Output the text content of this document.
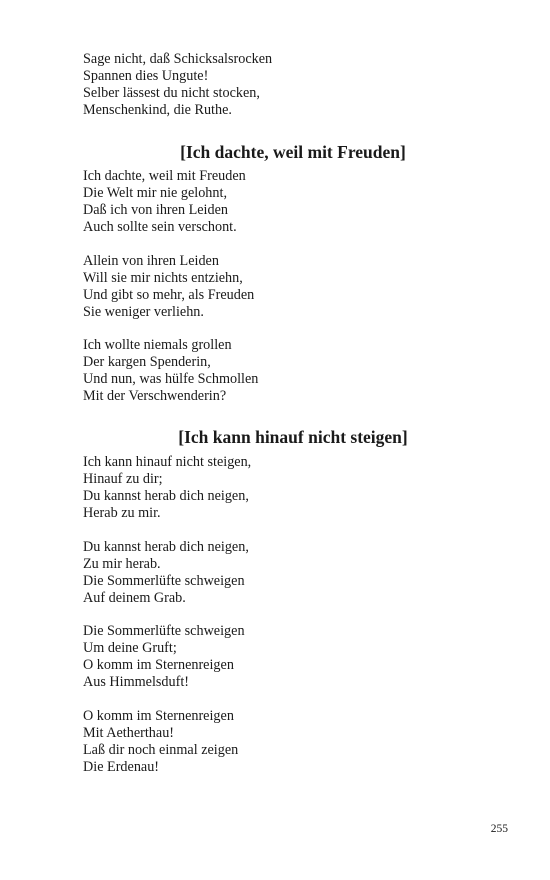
Sage nicht, daß Schicksalsrocken
Spannen dies Ungute!
Selber lässest du nicht stocken,
Menschenkind, die Ruthe.
[Ich dachte, weil mit Freuden]
Ich dachte, weil mit Freuden
Die Welt mir nie gelohnt,
Daß ich von ihren Leiden
Auch sollte sein verschont.
Allein von ihren Leiden
Will sie mir nichts entziehn,
Und gibt so mehr, als Freuden
Sie weniger verliehn.
Ich wollte niemals grollen
Der kargen Spenderin,
Und nun, was hülfe Schmollen
Mit der Verschwenderin?
[Ich kann hinauf nicht steigen]
Ich kann hinauf nicht steigen,
Hinauf zu dir;
Du kannst herab dich neigen,
Herab zu mir.
Du kannst herab dich neigen,
Zu mir herab.
Die Sommerlüfte schweigen
Auf deinem Grab.
Die Sommerlüfte schweigen
Um deine Gruft;
O komm im Sternenreigen
Aus Himmelsduft!
O komm im Sternenreigen
Mit Aetherthau!
Laß dir noch einmal zeigen
Die Erdenau!
255
